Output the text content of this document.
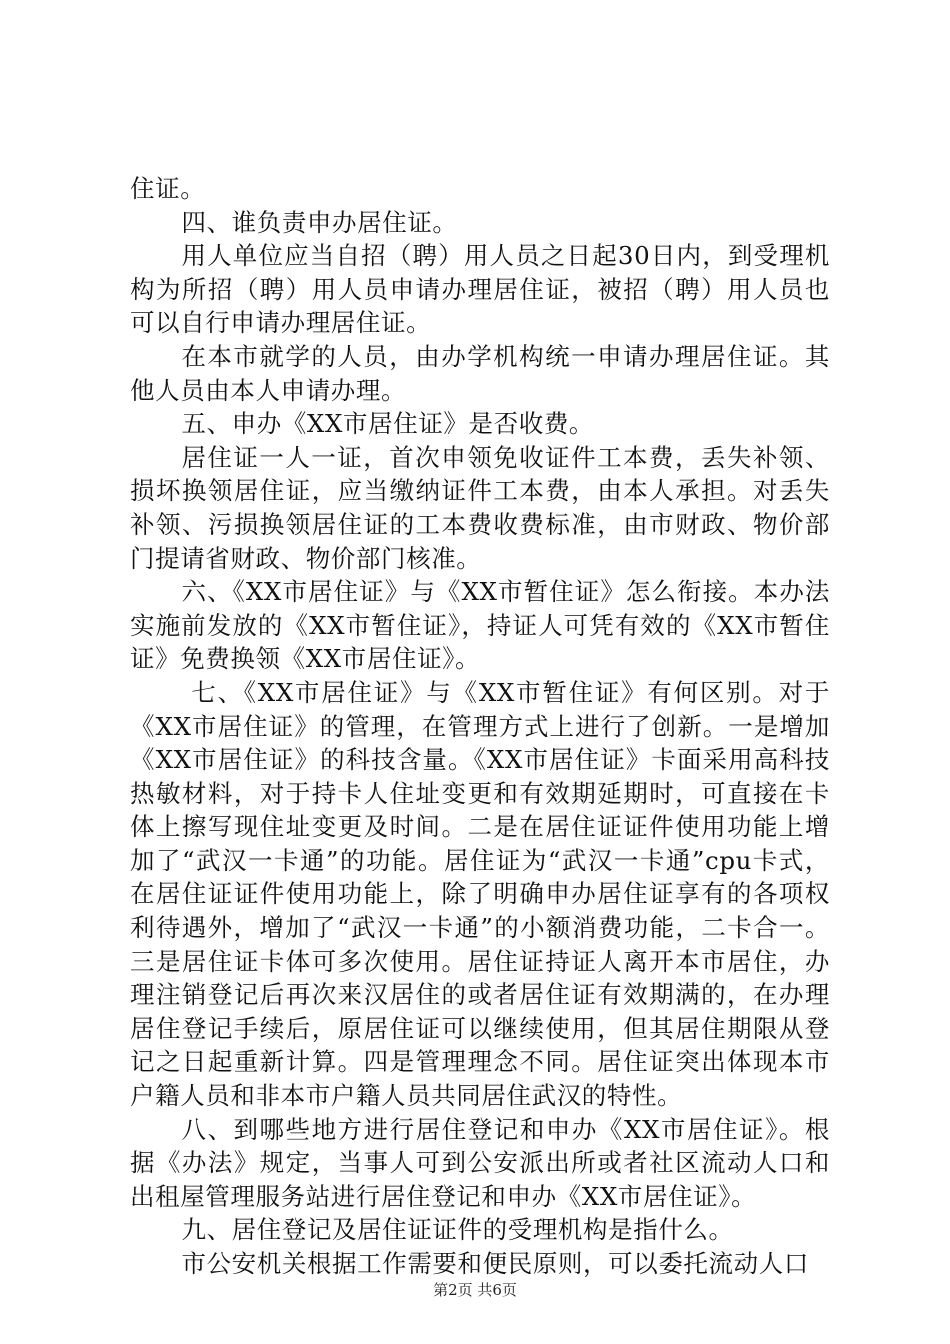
住证。

四、谁负责申办居住证。

用人单位应当自招（聘）用人员之日起30日内，到受理机构为所招（聘）用人员申请办理居住证，被招（聘）用人员也可以自行申请办理居住证。

在本市就学的人员，由办学机构统一申请办理居住证。其他人员由本人申请办理。

五、申办《XX市居住证》是否收费。

居住证一人一证，首次申领免收证件工本费，丢失补领、损坏换领居住证，应当缴纳证件工本费，由本人承担。对丢失补领、污损换领居住证的工本费收费标准，由市财政、物价部门提请省财政、物价部门核准。

六、《XX市居住证》与《XX市暂住证》怎么衔接。本办法实施前发放的《XX市暂住证》，持证人可凭有效的《XX市暂住证》免费换领《XX市居住证》。

七、《XX市居住证》与《XX市暂住证》有何区别。对于《XX市居住证》的管理，在管理方式上进行了创新。一是增加《XX市居住证》的科技含量。《XX市居住证》卡面采用高科技热敏材料，对于持卡人住址变更和有效期延期时，可直接在卡体上擦写现住址变更及时间。二是在居住证证件使用功能上增加了“武汉一卡通”的功能。居住证为“武汉一卡通”cpu卡式，在居住证证件使用功能上，除了明确申办居住证享有的各项权利待遇外，增加了“武汉一卡通”的小额消费功能，二卡合一。三是居住证卡体可多次使用。居住证持证人离开本市居住，办理注销登记后再次来汉居住的或者居住证有效期满的，在办理居住登记手续后，原居住证可以继续使用，但其居住期限从登记之日起重新计算。四是管理理念不同。居住证突出体现本市户籍人员和非本市户籍人员共同居住武汉的特性。

八、到哪些地方进行居住登记和申办《XX市居住证》。根据《办法》规定，当事人可到公安派出所或者社区流动人口和出租屋管理服务站进行居住登记和申办《XX市居住证》。

九、居住登记及居住证证件的受理机构是指什么。

市公安机关根据工作需要和便民原则，可以委托流动人口

第2页 共6页
